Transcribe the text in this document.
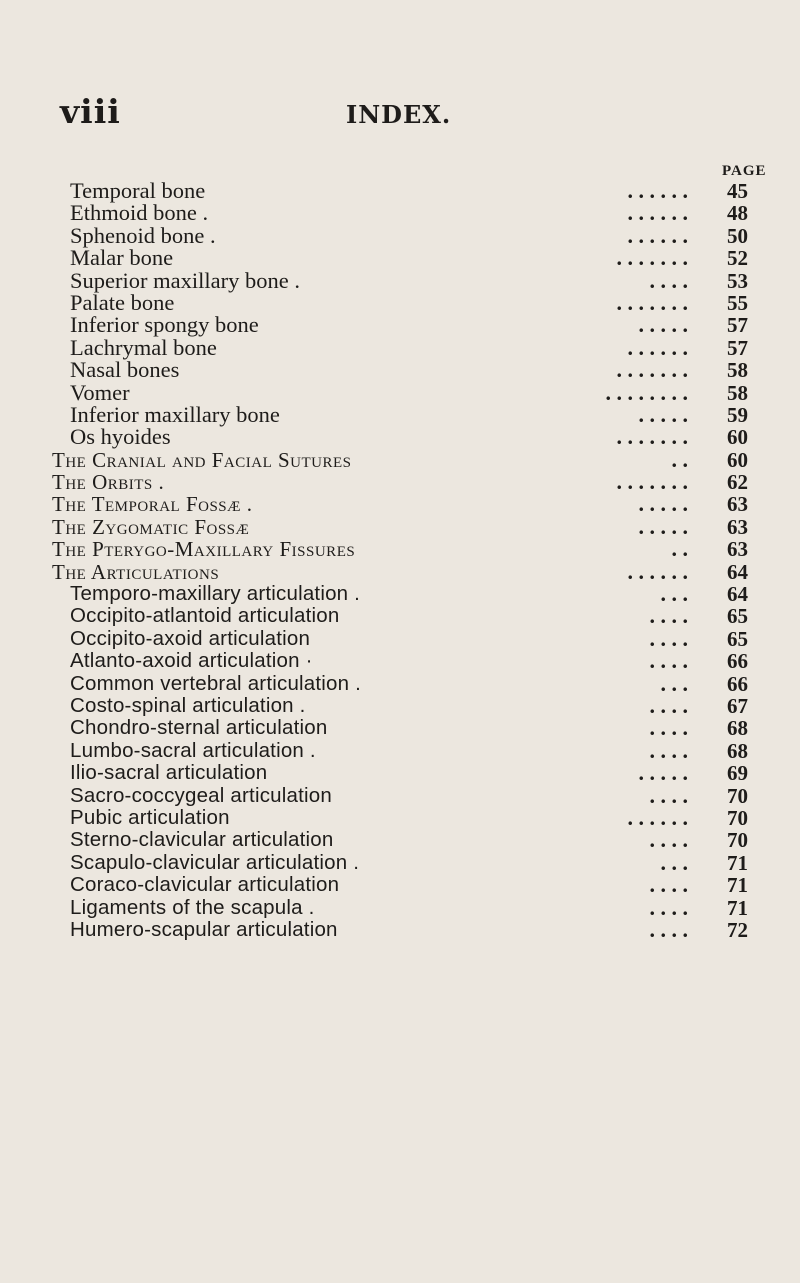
viii	INDEX.
PAGE
Temporal bone	. . . . . .	45
Ethmoid bone .	. . . . . .	48
Sphenoid bone .	. . . . . .	50
Malar bone	. . . . . . .	52
Superior maxillary bone .	. . . .	53
Palate bone	. . . . . . .	55
Inferior spongy bone	. . . . .	57
Lachrymal bone	. . . . . .	57
Nasal bones	. . . . . . .	58
Vomer	. . . . . . . .	58
Inferior maxillary bone	. . . . .	59
Os hyoides	. . . . . . .	60
The Cranial and Facial Sutures	. .	60
The Orbits .	. . . . . . .	62
The Temporal Fossæ .	. . . . .	63
The Zygomatic Fossæ	. . . . .	63
The Pterygo-Maxillary Fissures	. .	63
The Articulations	. . . . . .	64
Temporo-maxillary articulation .	. . .	64
Occipito-atlantoid articulation	. . . .	65
Occipito-axoid articulation	. . . .	65
Atlanto-axoid articulation ·	. . . .	66
Common vertebral articulation .	. . .	66
Costo-spinal articulation .	. . . .	67
Chondro-sternal articulation	. . . .	68
Lumbo-sacral articulation .	. . . .	68
Ilio-sacral articulation	. . . . .	69
Sacro-coccygeal articulation	. . . .	70
Pubic articulation	. . . . . .	70
Sterno-clavicular articulation	. . . .	70
Scapulo-clavicular articulation .	. . .	71
Coraco-clavicular articulation	. . . .	71
Ligaments of the scapula .	. . . .	71
Humero-scapular articulation	. . . .	72
